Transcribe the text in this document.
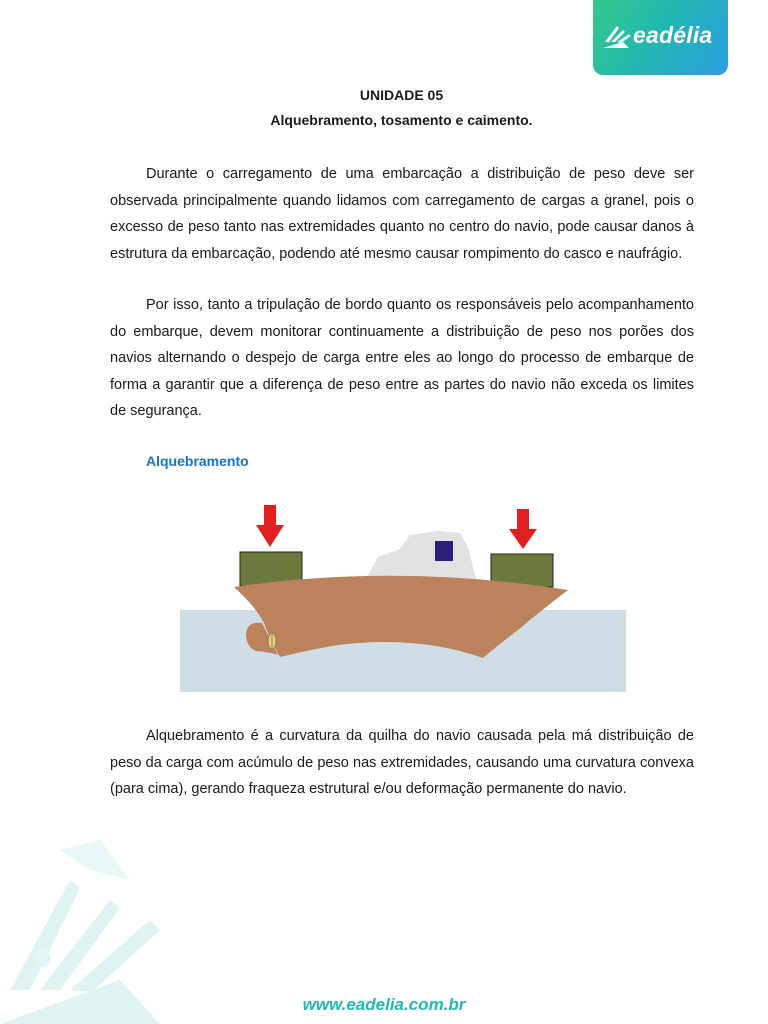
eadélia
UNIDADE 05
Alquebramento, tosamento e caimento.

Durante o carregamento de uma embarcação a distribuição de peso deve ser observada principalmente quando lidamos com carregamento de cargas a granel, pois o excesso de peso tanto nas extremidades quanto no centro do navio, pode causar danos à estrutura da embarcação, podendo até mesmo causar rompimento do casco e naufrágio.

Por isso, tanto a tripulação de bordo quanto os responsáveis pelo acompanhamento do embarque, devem monitorar continuamente a distribuição de peso nos porões dos navios alternando o despejo de carga entre eles ao longo do processo de embarque de forma a garantir que a diferença de peso entre as partes do navio não exceda os limites de segurança.

Alquebramento

Alquebramento é a curvatura da quilha do navio causada pela má distribuição de peso da carga com acúmulo de peso nas extremidades, causando uma curvatura convexa (para cima), gerando fraqueza estrutural e/ou deformação permanente do navio.

www.eadelia.com.br
